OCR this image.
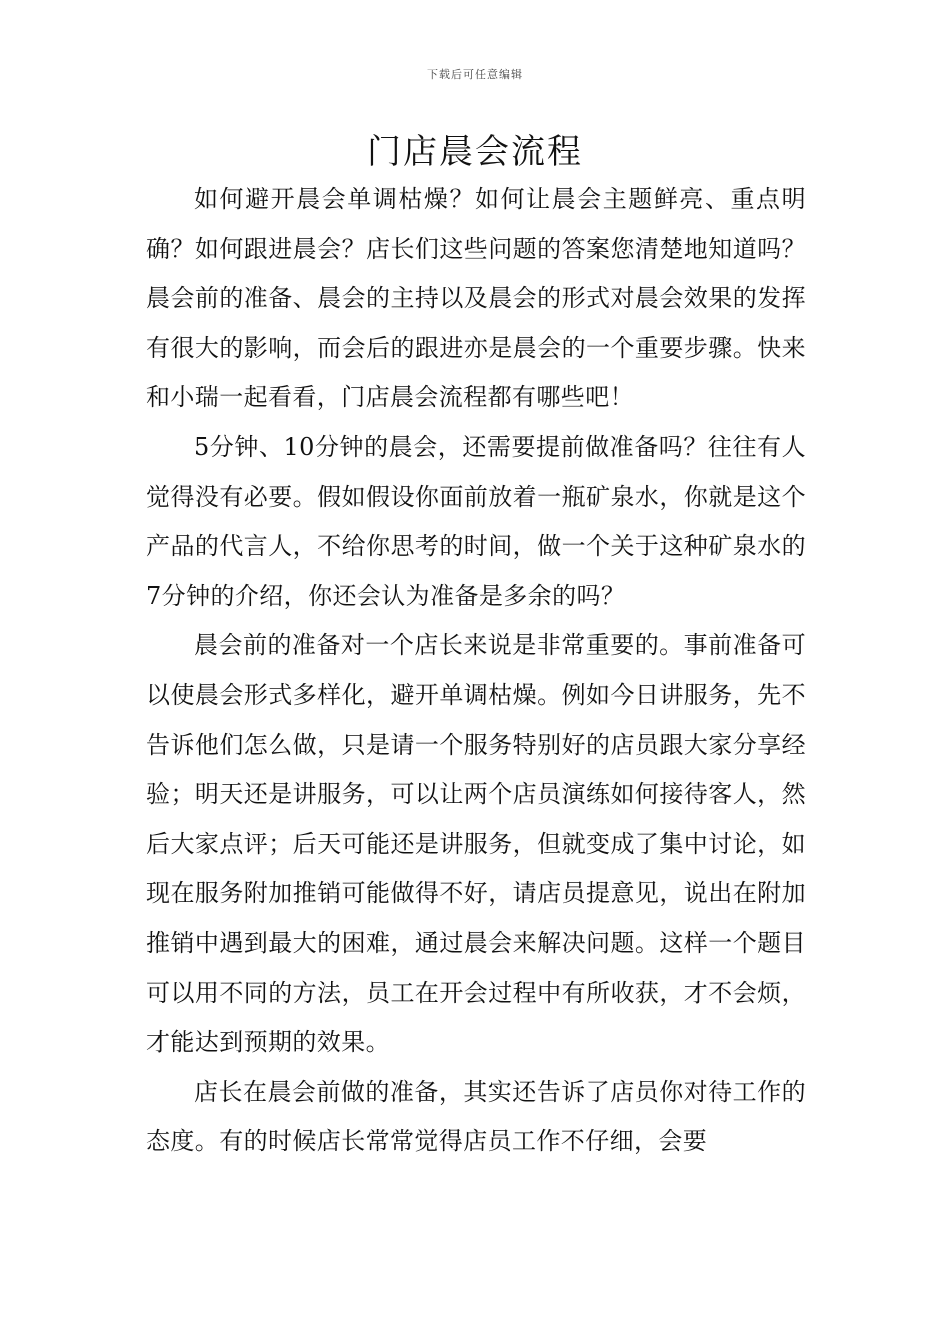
下载后可任意编辑
门店晨会流程

如何避开晨会单调枯燥？如何让晨会主题鲜亮、重点明确？如何跟进晨会？店长们这些问题的答案您清楚地知道吗？晨会前的准备、晨会的主持以及晨会的形式对晨会效果的发挥有很大的影响，而会后的跟进亦是晨会的一个重要步骤。快来和小瑞一起看看，门店晨会流程都有哪些吧！

5分钟、10分钟的晨会，还需要提前做准备吗？往往有人觉得没有必要。假如假设你面前放着一瓶矿泉水，你就是这个产品的代言人，不给你思考的时间，做一个关于这种矿泉水的7分钟的介绍，你还会认为准备是多余的吗？

晨会前的准备对一个店长来说是非常重要的。事前准备可以使晨会形式多样化，避开单调枯燥。例如今日讲服务，先不告诉他们怎么做，只是请一个服务特别好的店员跟大家分享经验；明天还是讲服务，可以让两个店员演练如何接待客人，然后大家点评；后天可能还是讲服务，但就变成了集中讨论，如现在服务附加推销可能做得不好，请店员提意见，说出在附加推销中遇到最大的困难，通过晨会来解决问题。这样一个题目可以用不同的方法，员工在开会过程中有所收获，才不会烦，才能达到预期的效果。

店长在晨会前做的准备，其实还告诉了店员你对待工作的态度。有的时候店长常常觉得店员工作不仔细，会要
